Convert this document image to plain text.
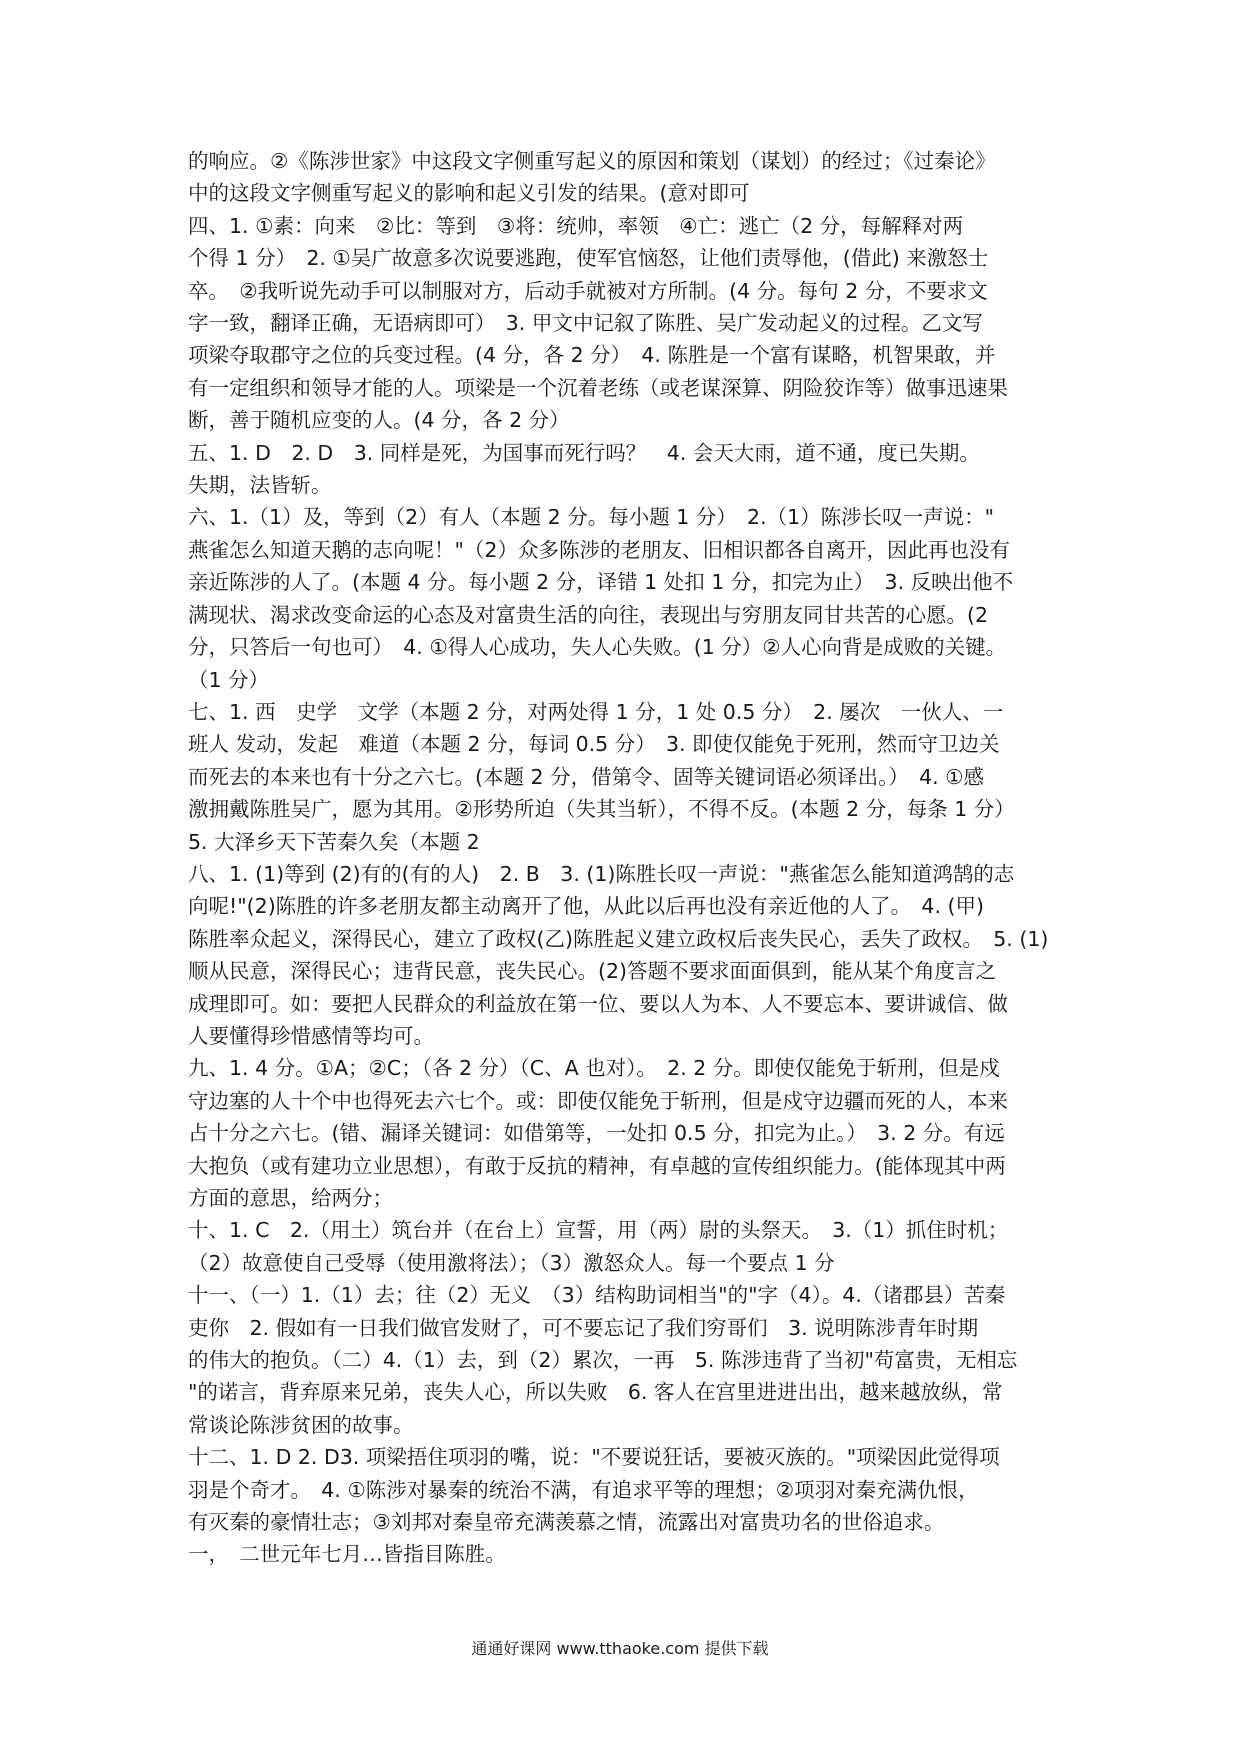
的响应。②《陈涉世家》中这段文字侧重写起义的原因和策划（谋划）的经过；《过秦论》
中的这段文字侧重写起义的影响和起义引发的结果。(意对即可
四、1. ①素：向来　②比：等到　③将：统帅，率领　④亡：逃亡（2 分，每解释对两
个得 1 分）　2. ①吴广故意多次说要逃跑，使军官恼怒，让他们责辱他，(借此) 来激怒士
卒。　②我听说先动手可以制服对方，后动手就被对方所制。(4 分。每句 2 分，不要求文
字一致，翻译正确，无语病即可）　3. 甲文中记叙了陈胜、吴广发动起义的过程。乙文写
项梁夺取郡守之位的兵变过程。(4 分，各 2 分）　4. 陈胜是一个富有谋略，机智果敢，并
有一定组织和领导才能的人。项梁是一个沉着老练（或老谋深算、阴险狡诈等）做事迅速果
断，善于随机应变的人。(4 分，各 2 分）
五、1. D　2. D　3. 同样是死，为国事而死行吗？　4. 会天大雨，道不通，度已失期。
失期，法皆斩。
六、1.（1）及，等到（2）有人（本题 2 分。每小题 1 分）　2.（1）陈涉长叹一声说："
燕雀怎么知道天鹅的志向呢！"（2）众多陈涉的老朋友、旧相识都各自离开，因此再也没有
亲近陈涉的人了。(本题 4 分。每小题 2 分，译错 1 处扣 1 分，扣完为止）　3. 反映出他不
满现状、渴求改变命运的心态及对富贵生活的向往，表现出与穷朋友同甘共苦的心愿。(2
分，只答后一句也可）　4. ①得人心成功，失人心失败。(1 分）②人心向背是成败的关键。
（1 分）
七、1. 西　史学　文学（本题 2 分，对两处得 1 分，1 处 0.5 分）　2. 屡次　一伙人、一
班人 发动，发起　难道（本题 2 分，每词 0.5 分）　3. 即使仅能免于死刑，然而守卫边关
而死去的本来也有十分之六七。(本题 2 分，借第令、固等关键词语必须译出。）　4. ①感
激拥戴陈胜吴广，愿为其用。②形势所迫（失其当斩），不得不反。(本题 2 分，每条 1 分）
5. 大泽乡天下苦秦久矣（本题 2
八、1. (1)等到 (2)有的(有的人)　2. B　3. (1)陈胜长叹一声说："燕雀怎么能知道鸿鹄的志
向呢!"(2)陈胜的许多老朋友都主动离开了他，从此以后再也没有亲近他的人了。　4. (甲)
陈胜率众起义，深得民心，建立了政权(乙)陈胜起义建立政权后丧失民心，丢失了政权。　5. (1)
顺从民意，深得民心；违背民意，丧失民心。(2)答题不要求面面俱到，能从某个角度言之
成理即可。如：要把人民群众的利益放在第一位、要以人为本、人不要忘本、要讲诚信、做
人要懂得珍惜感情等均可。
九、1. 4 分。①A；②C；（各 2 分）（C、A 也对）。　2. 2 分。即使仅能免于斩刑，但是戍
守边塞的人十个中也得死去六七个。或：即使仅能免于斩刑，但是戍守边疆而死的人，本来
占十分之六七。(错、漏译关键词：如借第等，一处扣 0.5 分，扣完为止。）　3. 2 分。有远
大抱负（或有建功立业思想），有敢于反抗的精神，有卓越的宣传组织能力。(能体现其中两
方面的意思，给两分；
十、1. C　2.（用土）筑台并（在台上）宣誓，用（两）尉的头祭天。　3.（1）抓住时机；
（2）故意使自己受辱（使用激将法）；（3）激怒众人。每一个要点 1 分
十一、（一）1.（1）去；往（2）无义　（3）结构助词相当"的"字（4）。4.（诸郡县）苦秦
吏你　2. 假如有一日我们做官发财了，可不要忘记了我们穷哥们　3. 说明陈涉青年时期
的伟大的抱负。（二）4.（1）去，到（2）累次，一再　5. 陈涉违背了当初"苟富贵，无相忘
"的诺言，背弃原来兄弟，丧失人心，所以失败　6. 客人在宫里进进出出，越来越放纵，常
常谈论陈涉贫困的故事。
十二、1. D 2. D3. 项梁捂住项羽的嘴，说："不要说狂话，要被灭族的。"项梁因此觉得项
羽是个奇才。　4. ①陈涉对暴秦的统治不满，有追求平等的理想；②项羽对秦充满仇恨，
有灭秦的豪情壮志；③刘邦对秦皇帝充满羡慕之情，流露出对富贵功名的世俗追求。
一，　二世元年七月…皆指目陈胜。
通通好课网 www.tthaoke.com 提供下载
